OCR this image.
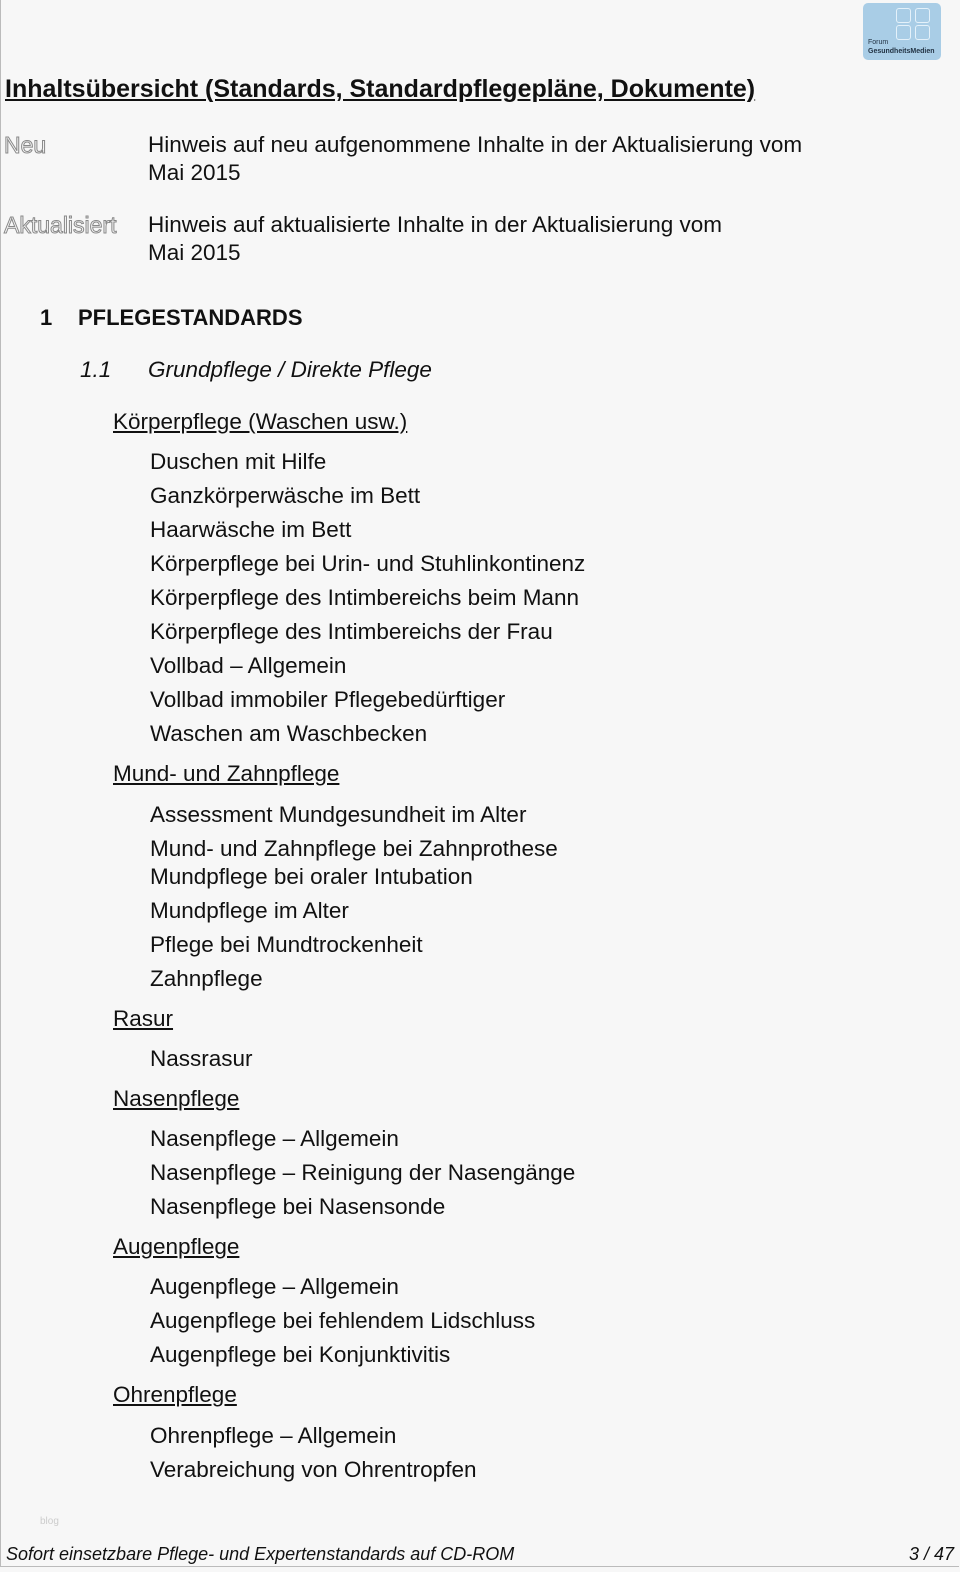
Forum
GesundheitsMedien
Inhaltsübersicht (Standards, Standardpflegepläne, Dokumente)
Neu	Hinweis auf neu aufgenommene Inhalte in der Aktualisierung vom
Mai 2015
Aktualisiert Hinweis auf aktualisierte Inhalte in der Aktualisierung vom
Mai 2015
1 PFLEGESTANDARDS
1.1 Grundpflege / Direkte Pflege
Körperpflege (Waschen usw.)
Duschen mit Hilfe
Ganzkörperwäsche im Bett
Haarwäsche im Bett
Körperpflege bei Urin- und Stuhlinkontinenz
Körperpflege des Intimbereichs beim Mann
Körperpflege des Intimbereichs der Frau
Vollbad – Allgemein
Vollbad immobiler Pflegebedürftiger
Waschen am Waschbecken
Mund- und Zahnpflege
Assessment Mundgesundheit im Alter
Mund- und Zahnpflege bei Zahnprothese
Mundpflege bei oraler Intubation
Mundpflege im Alter
Pflege bei Mundtrockenheit
Zahnpflege
Rasur
Nassrasur
Nasenpflege
Nasenpflege – Allgemein
Nasenpflege – Reinigung der Nasengänge
Nasenpflege bei Nasensonde
Augenpflege
Augenpflege – Allgemein
Augenpflege bei fehlendem Lidschluss
Augenpflege bei Konjunktivitis
Ohrenpflege
Ohrenpflege – Allgemein
Verabreichung von Ohrentropfen
blog
Sofort einsetzbare Pflege- und Expertenstandards auf CD-ROM	3 / 47
